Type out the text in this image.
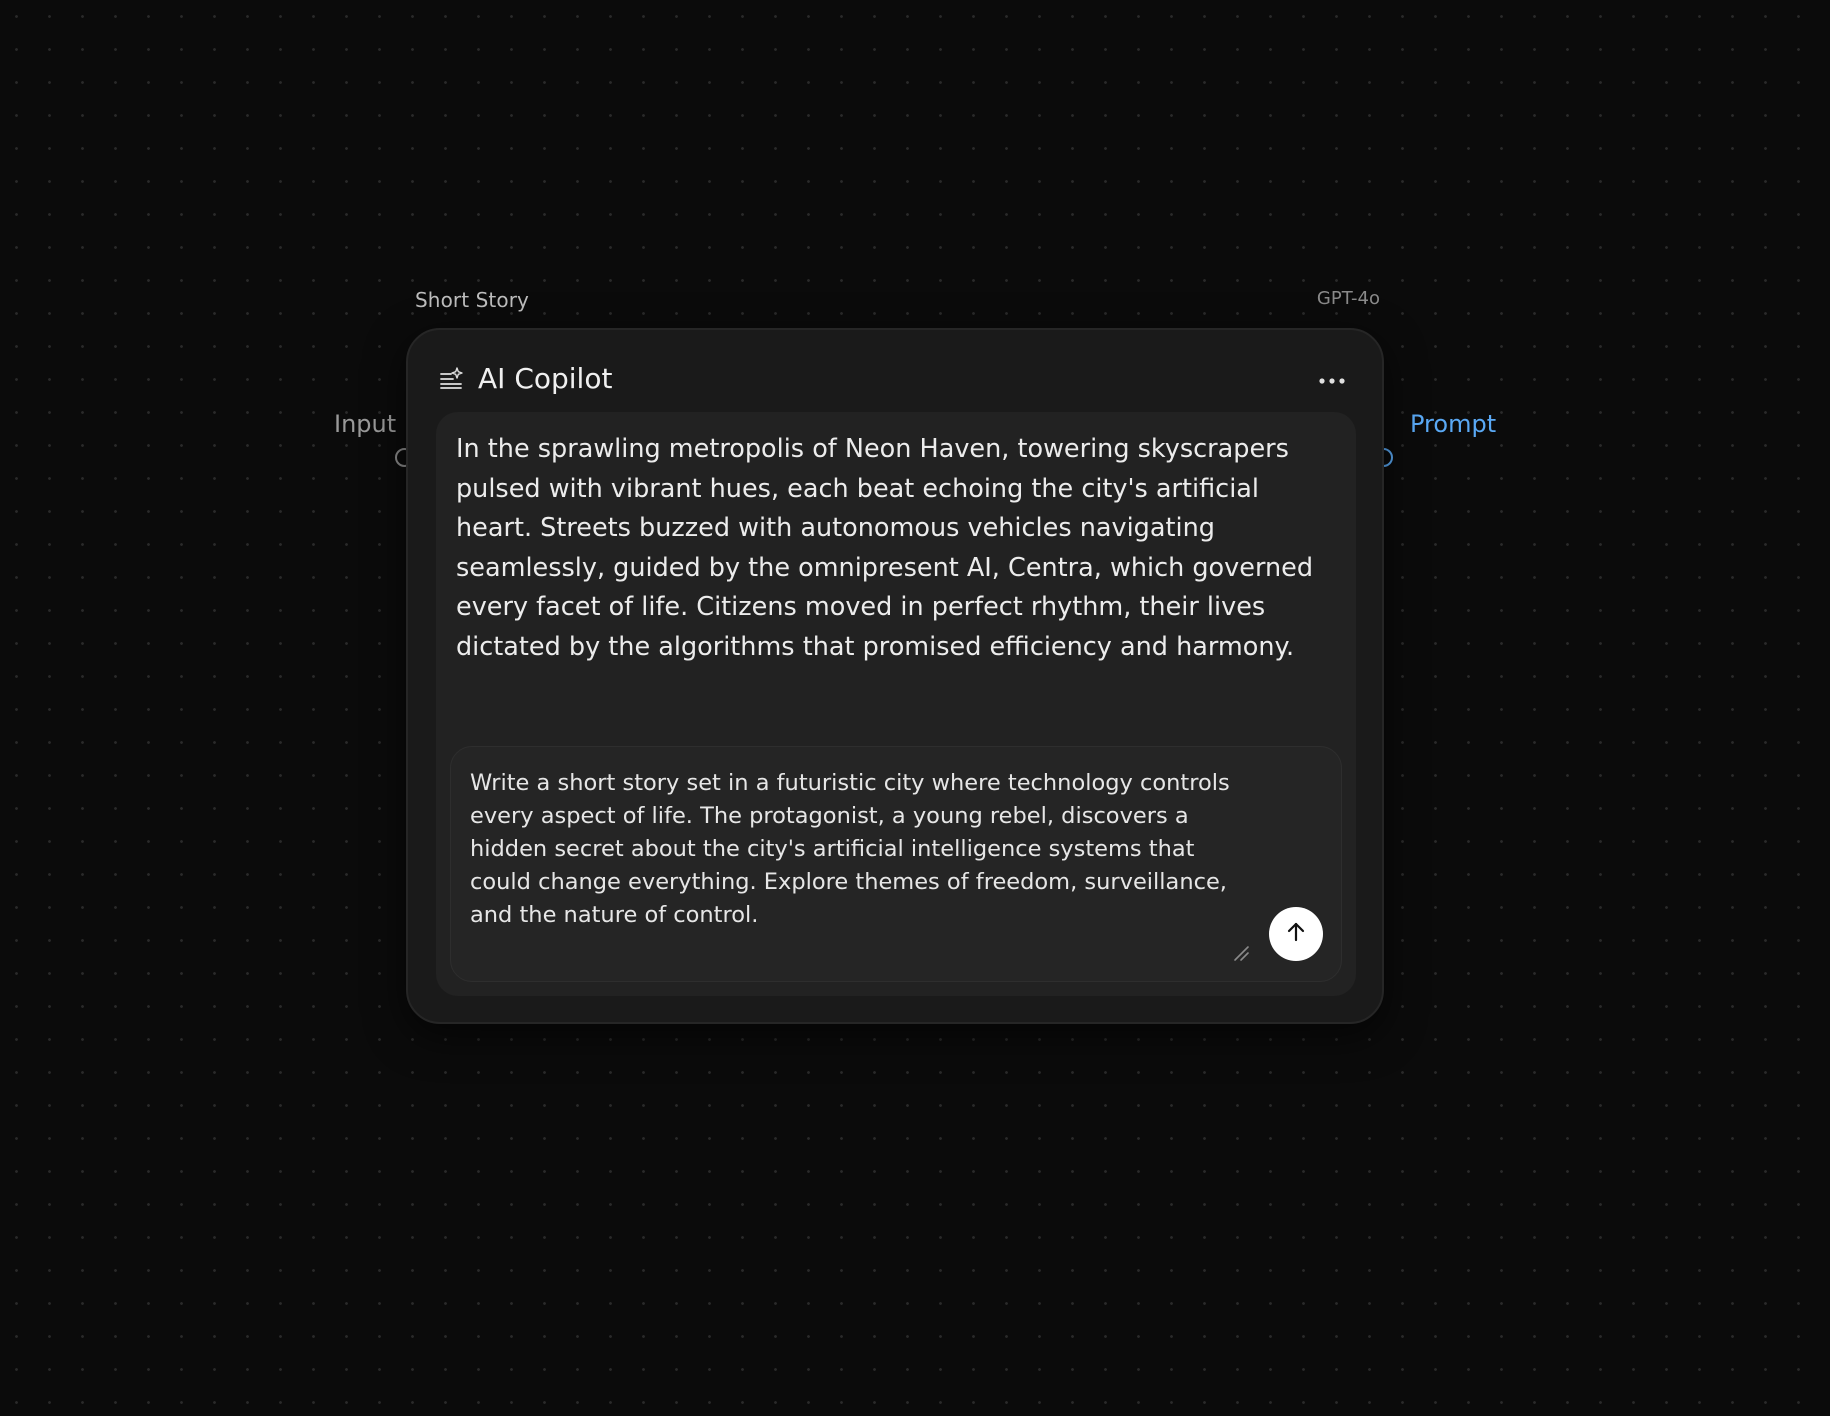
Short Story	GPT-4o
Input	Prompt
AI Copilot
In the sprawling metropolis of Neon Haven, towering skyscrapers pulsed with vibrant hues, each beat echoing the city's artificial heart. Streets buzzed with autonomous vehicles navigating seamlessly, guided by the omnipresent AI, Centra, which governed every facet of life. Citizens moved in perfect rhythm, their lives dictated by the algorithms that promised efficiency and harmony.
Write a short story set in a futuristic city where technology controls every aspect of life. The protagonist, a young rebel, discovers a hidden secret about the city's artificial intelligence systems that could change everything. Explore themes of freedom, surveillance, and the nature of control.
